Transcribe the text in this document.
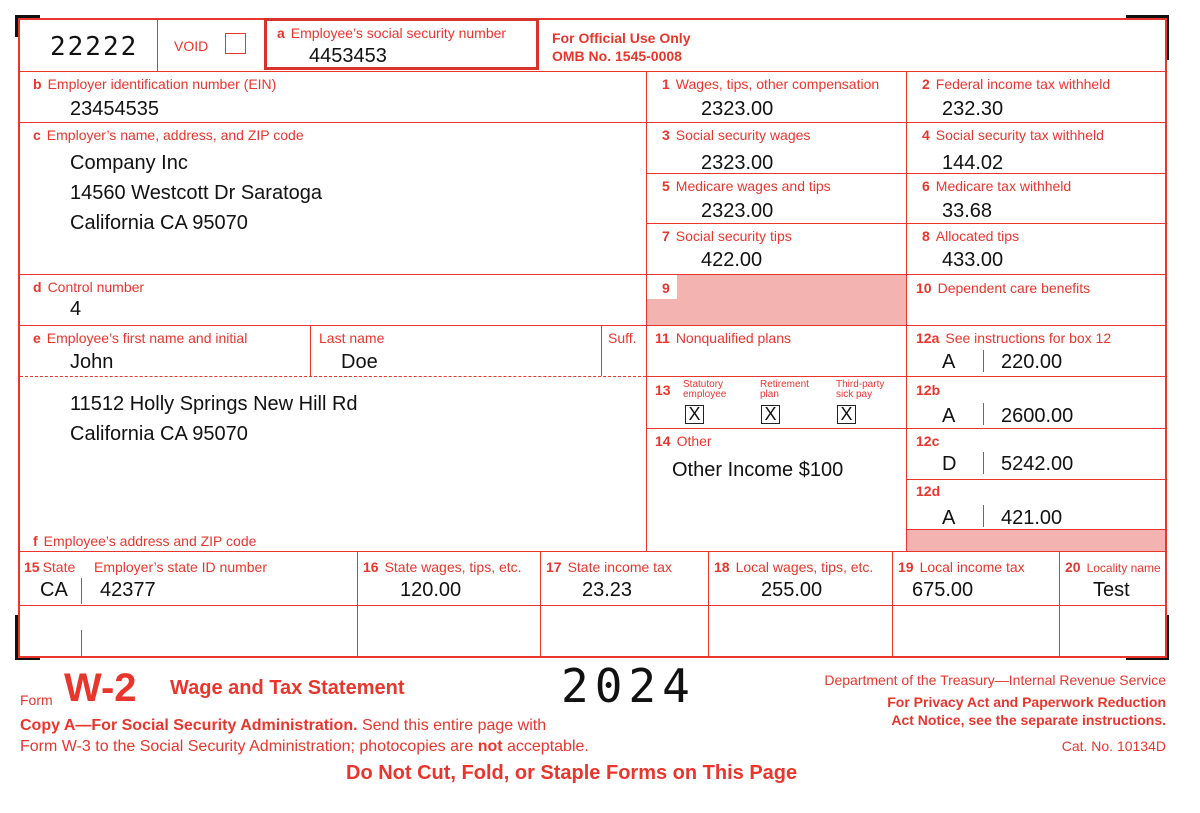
22222	VOID
a Employee’s social security number
4453453
For Official Use Only
OMB No. 1545-0008
b Employer identification number (EIN)
23454535
c Employer’s name, address, and ZIP code
Company Inc
14560 Westcott Dr Saratoga
California CA 95070
d Control number
4
e Employee’s first name and initial
John
Last name
Doe
Suff.
11512 Holly Springs New Hill Rd
California CA 95070
f Employee’s address and ZIP code
1 Wages, tips, other compensation
2323.00
2 Federal income tax withheld
232.30
3 Social security wages
2323.00
4 Social security tax withheld
144.02
5 Medicare wages and tips
2323.00
6 Medicare tax withheld
33.68
7 Social security tips
422.00
8 Allocated tips
433.00
9	10 Dependent care benefits
11 Nonqualified plans	12a See instructions for box 12
A 220.00
13	Statutory
employee
X
Retirement
plan
X
Third-party
sick pay
X
12b
A 2600.00
14 Other
Other Income $100
12c
D 5242.00
12d
A 421.00
15 State Employer’s state ID number
CA 42377
16 State wages, tips, etc.
120.00
17 State income tax
23.23
18 Local wages, tips, etc.
255.00
19 Local income tax
675.00
20 Locality name
Test
Form W-2 Wage and Tax Statement	2024
Copy A—For Social Security Administration. Send this entire page with
Form W-3 to the Social Security Administration; photocopies are not acceptable.
Department of the Treasury—Internal Revenue Service
For Privacy Act and Paperwork Reduction
Act Notice, see the separate instructions.
Cat. No. 10134D
Do Not Cut, Fold, or Staple Forms on This Page
